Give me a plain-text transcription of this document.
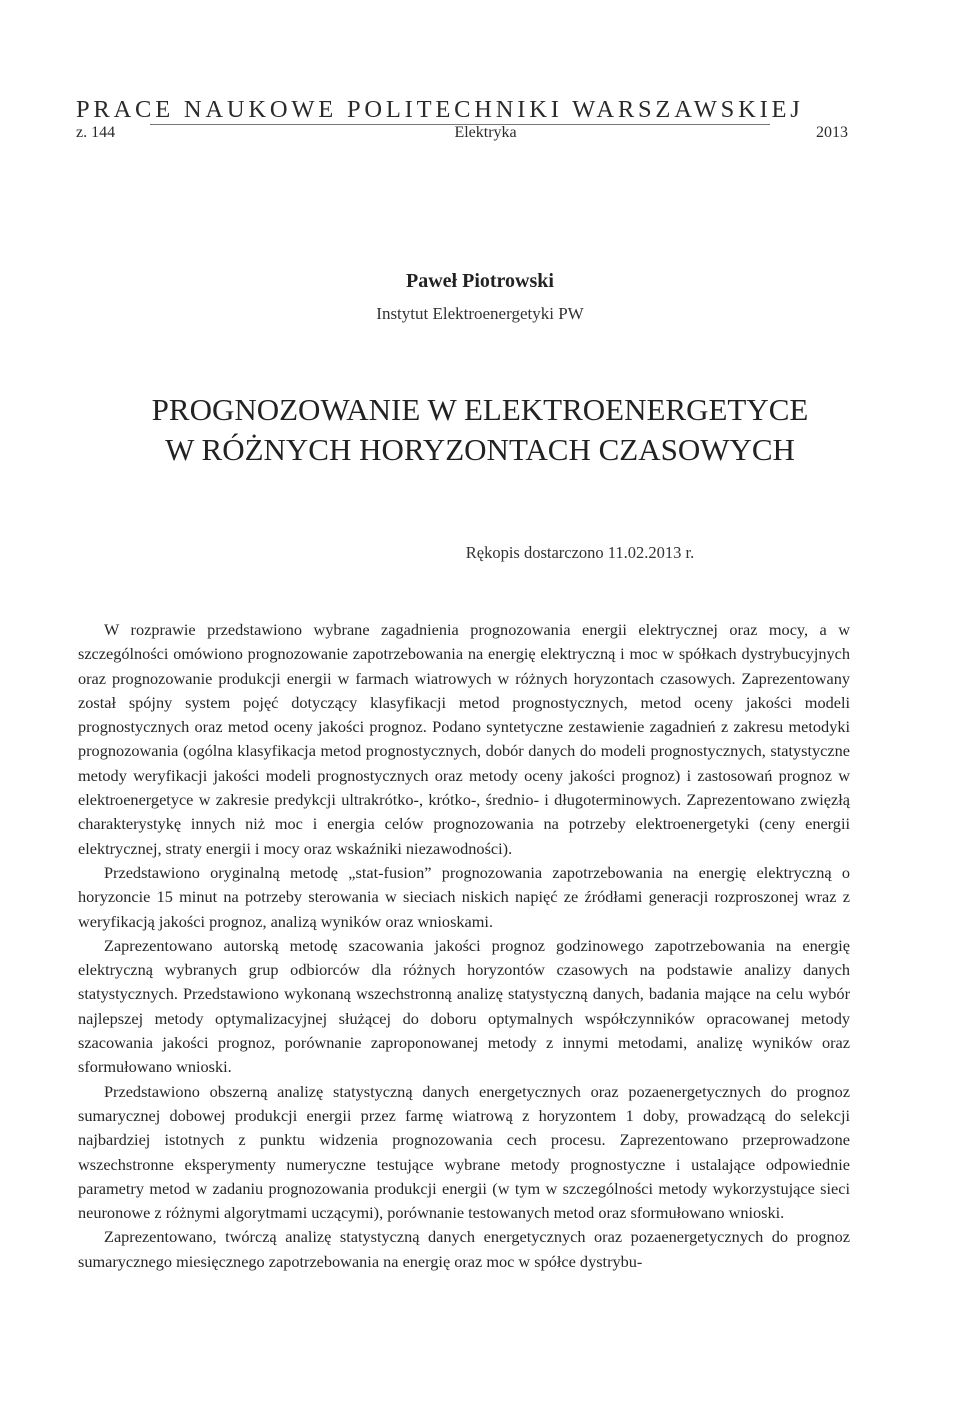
PRACE NAUKOWE POLITECHNIKI WARSZAWSKIEJ
z. 144	Elektryka	2013
Paweł Piotrowski
Instytut Elektroenergetyki PW
PROGNOZOWANIE W ELEKTROENERGETYCE
W RÓŻNYCH HORYZONTACH CZASOWYCH
Rękopis dostarczono 11.02.2013 r.

W rozprawie przedstawiono wybrane zagadnienia prognozowania energii elektrycznej oraz mocy, a w szczególności omówiono prognozowanie zapotrzebowania na energię elektryczną i moc w spółkach dystrybucyjnych oraz prognozowanie produkcji energii w farmach wiatrowych w różnych horyzontach czasowych. Zaprezentowany został spójny system pojęć dotyczący klasyfikacji metod prognostycznych, metod oceny jakości modeli prognostycznych oraz metod oceny jakości prognoz. Podano syntetyczne zestawienie zagadnień z zakresu metodyki prognozowania (ogólna klasyfikacja metod prognostycznych, dobór danych do modeli prognostycznych, statystyczne metody weryfikacji jakości modeli prognostycznych oraz metody oceny jakości prognoz) i zastosowań prognoz w elektroenergetyce w zakresie predykcji ultrakrótko-, krótko-, średnio- i długoterminowych. Zaprezentowano zwięzłą charakterystykę innych niż moc i energia celów prognozowania na potrzeby elektroenergetyki (ceny energii elektrycznej, straty energii i mocy oraz wskaźniki niezawodności).

Przedstawiono oryginalną metodę „stat-fusion” prognozowania zapotrzebowania na energię elektryczną o horyzoncie 15 minut na potrzeby sterowania w sieciach niskich napięć ze źródłami generacji rozproszonej wraz z weryfikacją jakości prognoz, analizą wyników oraz wnioskami.

Zaprezentowano autorską metodę szacowania jakości prognoz godzinowego zapotrzebowania na energię elektryczną wybranych grup odbiorców dla różnych horyzontów czasowych na podstawie analizy danych statystycznych. Przedstawiono wykonaną wszechstronną analizę statystyczną danych, badania mające na celu wybór najlepszej metody optymalizacyjnej służącej do doboru optymalnych współczynników opracowanej metody szacowania jakości prognoz, porównanie zaproponowanej metody z innymi metodami, analizę wyników oraz sformułowano wnioski.

Przedstawiono obszerną analizę statystyczną danych energetycznych oraz pozaenergetycznych do prognoz sumarycznej dobowej produkcji energii przez farmę wiatrową z horyzontem 1 doby, prowadzącą do selekcji najbardziej istotnych z punktu widzenia prognozowania cech procesu. Zaprezentowano przeprowadzone wszechstronne eksperymenty numeryczne testujące wybrane metody prognostyczne i ustalające odpowiednie parametry metod w zadaniu prognozowania produkcji energii (w tym w szczególności metody wykorzystujące sieci neuronowe z różnymi algorytmami uczącymi), porównanie testowanych metod oraz sformułowano wnioski.

Zaprezentowano, twórczą analizę statystyczną danych energetycznych oraz pozaenergetycznych do prognoz sumarycznego miesięcznego zapotrzebowania na energię oraz moc w spółce dystrybu-
